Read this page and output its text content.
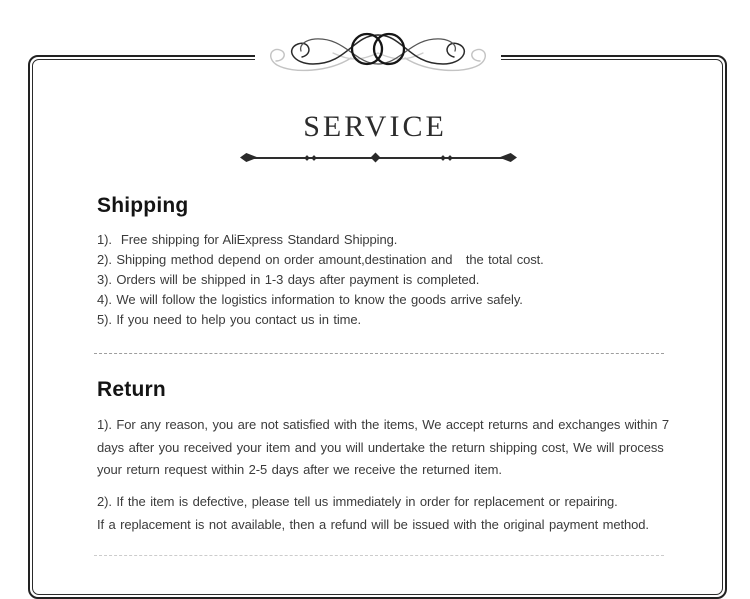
SERVICE
Shipping
1).  Free shipping for AliExpress Standard Shipping.
2). Shipping method depend on order amount,destination and   the total cost.
3). Orders will be shipped in 1-3 days after payment is completed.
4). We will follow the logistics information to know the goods arrive safely.
5). If you need to help you contact us in time.
Return
1). For any reason, you are not satisfied with the items, We accept returns and exchanges within 7
days after you received your item and you will undertake the return shipping cost, We will process
your return request within 2-5 days after we receive the returned item.
2). If the item is defective, please tell us immediately in order for replacement or repairing.
If a replacement is not available, then a refund will be issued with the original payment method.
